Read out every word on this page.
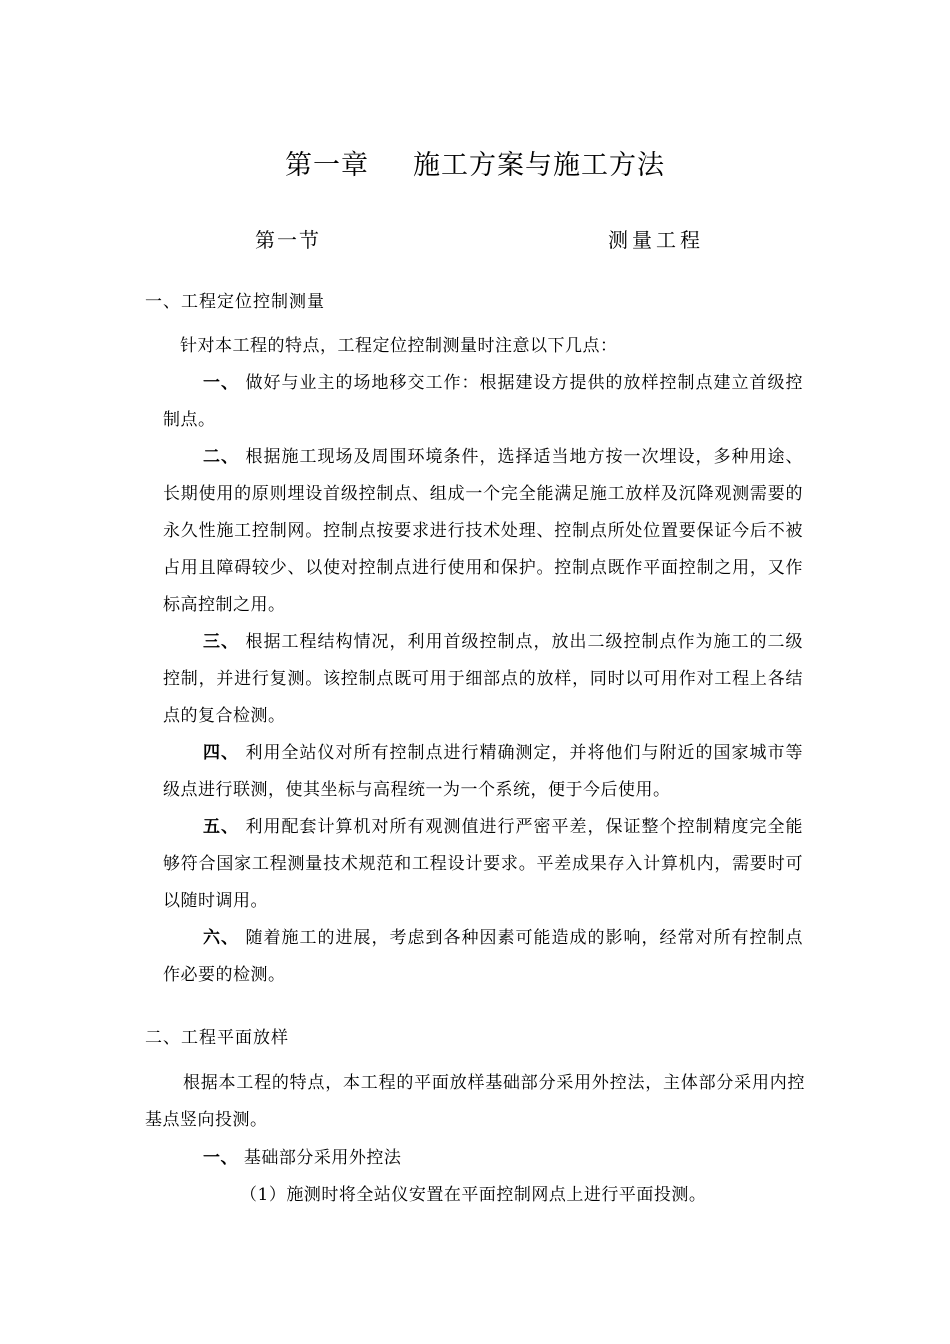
第一章 施工方案与施工方法
第一节	测量工程
一、工程定位控制测量
针对本工程的特点，工程定位控制测量时注意以下几点：

一、 做好与业主的场地移交工作：根据建设方提供的放样控制点建立首级控制点。

二、 根据施工现场及周围环境条件，选择适当地方按一次埋设，多种用途、长期使用的原则埋设首级控制点、组成一个完全能满足施工放样及沉降观测需要的永久性施工控制网。控制点按要求进行技术处理、控制点所处位置要保证今后不被占用且障碍较少、以使对控制点进行使用和保护。控制点既作平面控制之用，又作标高控制之用。

三、 根据工程结构情况，利用首级控制点，放出二级控制点作为施工的二级控制，并进行复测。该控制点既可用于细部点的放样，同时以可用作对工程上各结点的复合检测。

四、 利用全站仪对所有控制点进行精确测定，并将他们与附近的国家城市等级点进行联测，使其坐标与高程统一为一个系统，便于今后使用。

五、 利用配套计算机对所有观测值进行严密平差，保证整个控制精度完全能够符合国家工程测量技术规范和工程设计要求。平差成果存入计算机内，需要时可以随时调用。

六、 随着施工的进展，考虑到各种因素可能造成的影响，经常对所有控制点作必要的检测。

二、工程平面放样

根据本工程的特点，本工程的平面放样基础部分采用外控法，主体部分采用内控基点竖向投测。

一、 基础部分采用外控法
（1）施测时将全站仪安置在平面控制网点上进行平面投测。
